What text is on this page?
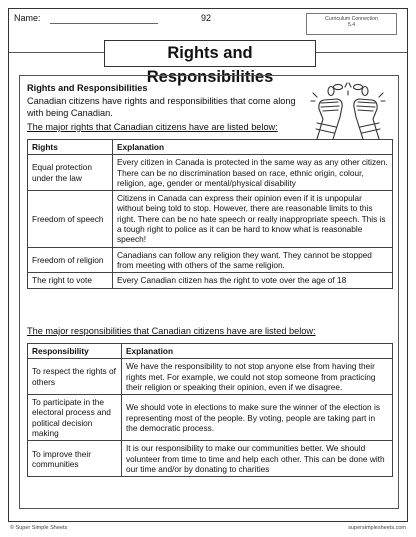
Name:	92	Curriculum Connection
5.4
Rights and Responsibilities
Rights and Responsibilities
Canadian citizens have rights and responsibilities that come along with being Canadian.
The major rights that Canadian citizens have are listed below:
Rights	Explanation
Equal protection under the law	Every citizen in Canada is protected in the same way as any other citizen. There can be no discrimination based on race, ethnic origin, colour, religion, age, gender or mental/physical disability
Freedom of speech	Citizens in Canada can express their opinion even if it is unpopular without being told to stop. However, there are reasonable limits to this right. There can be no hate speech or really inappropriate speech. This is a tough right to police as it can be hard to know what is reasonable speech!
Freedom of religion	Canadians can follow any religion they want. They cannot be stopped from meeting with others of the same religion.
The right to vote	Every Canadian citizen has the right to vote over the age of 18
The major responsibilities that Canadian citizens have are listed below:
Responsibility	Explanation
To respect the rights of others	We have the responsibility to not stop anyone else from having their rights met. For example, we could not stop someone from practicing their religion or speaking their opinion, even if we disagree.
To participate in the electoral process and political decision making	We should vote in elections to make sure the winner of the election is representing most of the people. By voting, people are taking part in the democratic process.
To improve their communities	It is our responsibility to make our communities better. We should volunteer from time to time and help each other. This can be done with our time and/or by donating to charities
© Super Simple Sheets	supersimplesheets.com
